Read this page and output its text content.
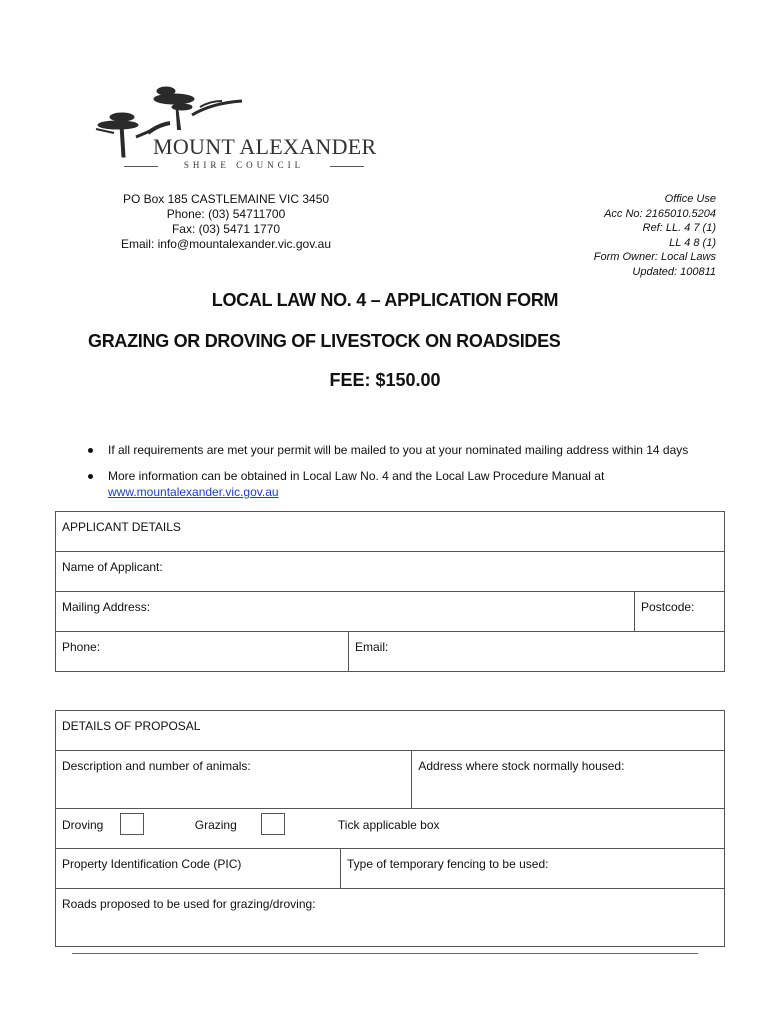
MOUNT ALEXANDER
SHIRE COUNCIL
PO Box 185 CASTLEMAINE VIC 3450
Phone: (03) 54711700
Fax: (03) 5471 1770
Email: info@mountalexander.vic.gov.au
Office Use
Acc No: 2165010.5204
Ref: LL. 4 7 (1)
LL 4 8 (1)
Form Owner: Local Laws
Updated: 100811
LOCAL LAW NO. 4 – APPLICATION FORM
GRAZING OR DROVING OF LIVESTOCK ON ROADSIDES
FEE: $150.00
If all requirements are met your permit will be mailed to you at your nominated mailing address within 14 days
More information can be obtained in Local Law No. 4 and the Local Law Procedure Manual at
www.mountalexander.vic.gov.au
APPLICANT DETAILS		
Name of Applicant:		
Mailing Address:		Postcode:
Phone:	Email:	
DETAILS OF PROPOSAL		
Description and number of animals:		Address where stock normally housed:
Droving Grazing Tick applicable box		
Property Identification Code (PIC)	Type of temporary fencing to be used:	
Roads proposed to be used for grazing/droving:		
